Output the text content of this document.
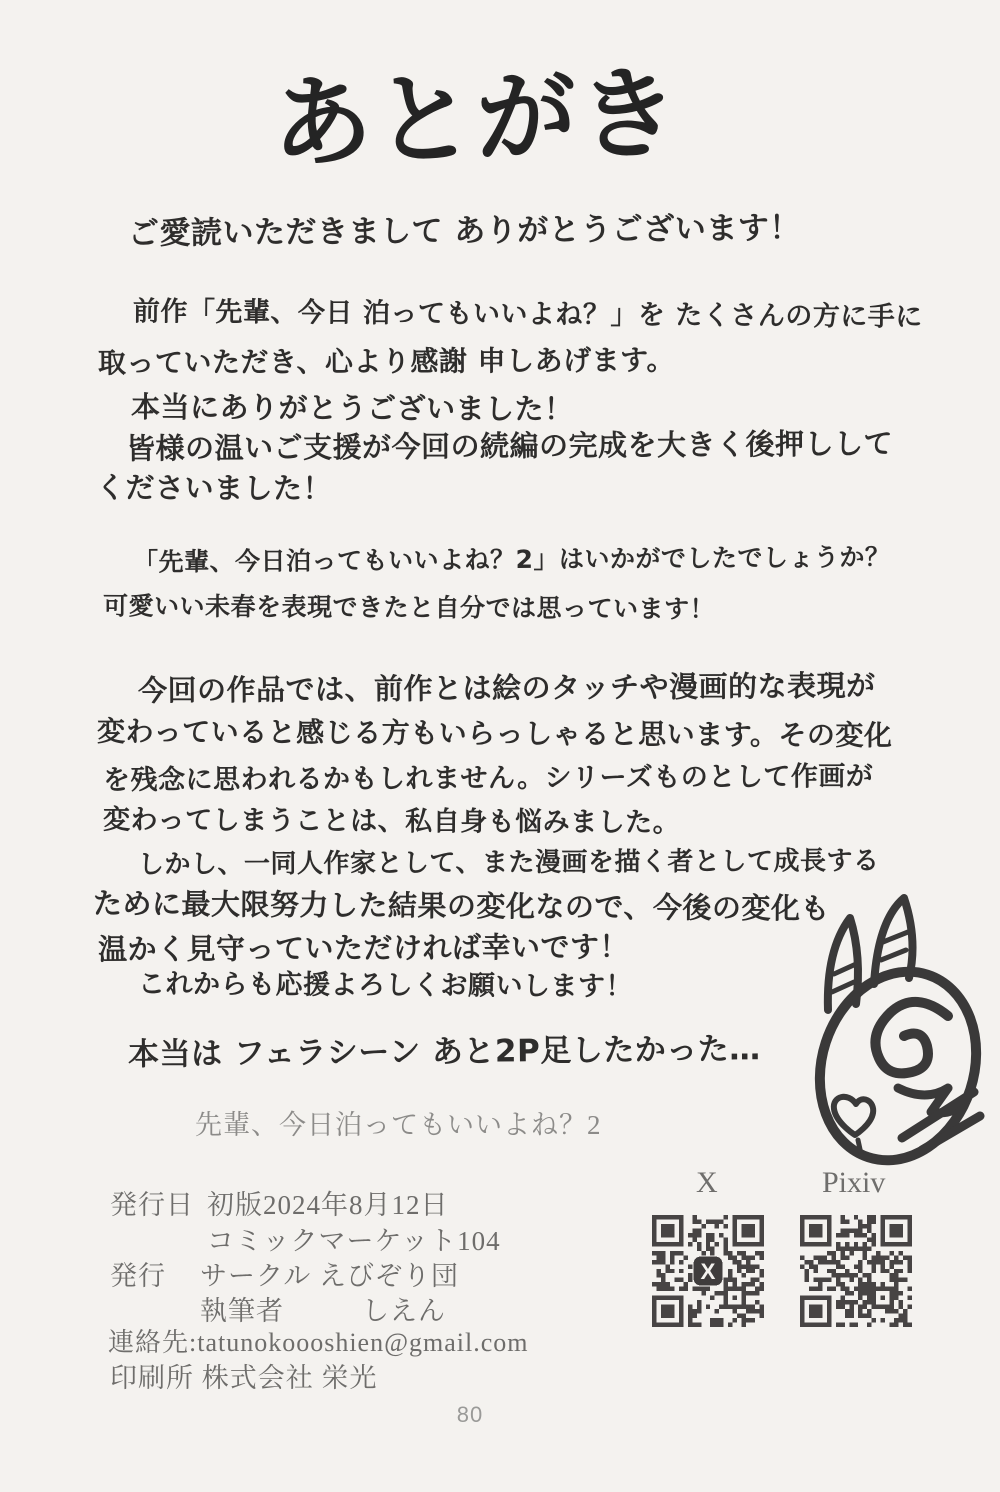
あとがき
ご愛読いただきまして ありがとうございます！
前作「先輩、今日 泊ってもいいよね？」を たくさんの方に手に
取っていただき、心より感謝 申しあげます。
本当にありがとうございました！
皆様の温いご支援が今回の続編の完成を大きく後押しして
くださいました！
「先輩、今日泊ってもいいよね？2」はいかがでしたでしょうか？
可愛いい未春を表現できたと自分では思っています！
今回の作品では、前作とは絵のタッチや漫画的な表現が
変わっていると感じる方もいらっしゃると思います。その変化
を残念に思われるかもしれません。シリーズものとして作画が
変わってしまうことは、私自身も悩みました。
しかし、一同人作家として、また漫画を描く者として成長する
ために最大限努力した結果の変化なので、今後の変化も
温かく見守っていただければ幸いです！
これからも応援よろしくお願いします！
本当は フェラシーン あと2P足したかった…
先輩、今日泊ってもいいよね？2
発行日 初版2024年8月12日
コミックマーケット104
発行 サークル えびぞり団
執筆者	しえん
連絡先:tatunokoooshien@gmail.com
印刷所 株式会社 栄光
X	Pixiv
X
80
